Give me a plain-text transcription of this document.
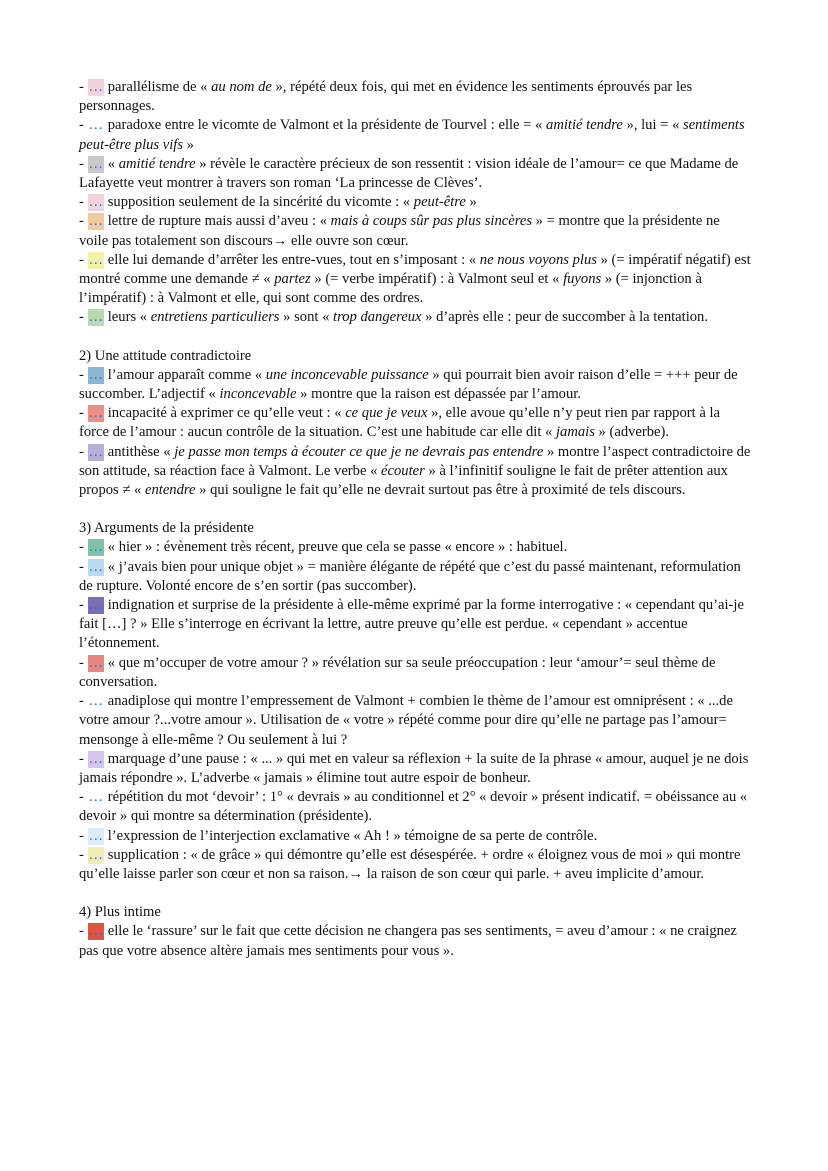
- … parallélisme de « au nom de », répété deux fois, qui met en évidence les sentiments éprouvés par les personnages.

- … paradoxe entre le vicomte de Valmont et la présidente de Tourvel : elle = « amitié tendre », lui = « sentiments peut-être plus vifs »

- … « amitié tendre » révèle le caractère précieux de son ressentit : vision idéale de l’amour= ce que Madame de Lafayette veut montrer à travers son roman ‘La princesse de Clèves’.

- … supposition seulement de la sincérité du vicomte : « peut-être »

- … lettre de rupture mais aussi d’aveu : « mais à coups sûr pas plus sincères » = montre que la présidente ne voile pas totalement son discours→ elle ouvre son cœur.

- … elle lui demande d’arrêter les entre-vues, tout en s’imposant : « ne nous voyons plus » (= impératif négatif) est montré comme une demande ≠ « partez » (= verbe impératif) : à Valmont seul et « fuyons » (= injonction à l’impératif) : à Valmont et elle, qui sont comme des ordres.

- … leurs « entretiens particuliers » sont « trop dangereux » d’après elle : peur de succomber à la tentation.

2) Une attitude contradictoire

- … l’amour apparaît comme « une inconcevable puissance » qui pourrait bien avoir raison d’elle = +++ peur de succomber. L’adjectif « inconcevable » montre que la raison est dépassée par l’amour.

- … incapacité à exprimer ce qu’elle veut : « ce que je veux », elle avoue qu’elle n’y peut rien par rapport à la force de l’amour : aucun contrôle de la situation. C’est une habitude car elle dit « jamais » (adverbe).

- … antithèse « je passe mon temps à écouter ce que je ne devrais pas entendre » montre l’aspect contradictoire de son attitude, sa réaction face à Valmont. Le verbe « écouter » à l’infinitif souligne le fait de prêter attention aux propos ≠ « entendre » qui souligne le fait qu’elle ne devrait surtout pas être à proximité de tels discours.

3) Arguments de la présidente

- … « hier » : évènement très récent, preuve que cela se passe « encore » : habituel.

- … « j’avais bien pour unique objet » = manière élégante de répété que c’est du passé maintenant, reformulation de rupture. Volonté encore de s’en sortir (pas succomber).

- … indignation et surprise de la présidente à elle-même exprimé par la forme interrogative : « cependant qu’ai-je fait […] ? » Elle s’interroge en écrivant la lettre, autre preuve qu’elle est perdue. « cependant » accentue l’étonnement.

- … « que m’occuper de votre amour ? » révélation sur sa seule préoccupation : leur ‘amour’= seul thème de conversation.

- … anadiplose qui montre l’empressement de Valmont + combien le thème de l’amour est omniprésent : « ...de votre amour ?...votre amour ». Utilisation de « votre » répété comme pour dire qu’elle ne partage pas l’amour= mensonge à elle-même ? Ou seulement à lui ?

- … marquage d’une pause : « ... » qui met en valeur sa réflexion + la suite de la phrase « amour, auquel je ne dois jamais répondre ». L’adverbe « jamais » élimine tout autre espoir de bonheur.

- … répétition du mot ‘devoir’ : 1° « devrais » au conditionnel et 2° « devoir » présent indicatif. = obéissance au « devoir » qui montre sa détermination (présidente).

- … l’expression de l’interjection exclamative « Ah ! » témoigne de sa perte de contrôle.

- … supplication : « de grâce » qui démontre qu’elle est désespérée. + ordre « éloignez vous de moi » qui montre qu’elle laisse parler son cœur et non sa raison.→ la raison de son cœur qui parle. + aveu implicite d’amour.

4) Plus intime

- … elle le ‘rassure’ sur le fait que cette décision ne changera pas ses sentiments, = aveu d’amour : « ne craignez pas que votre absence altère jamais mes sentiments pour vous ».
